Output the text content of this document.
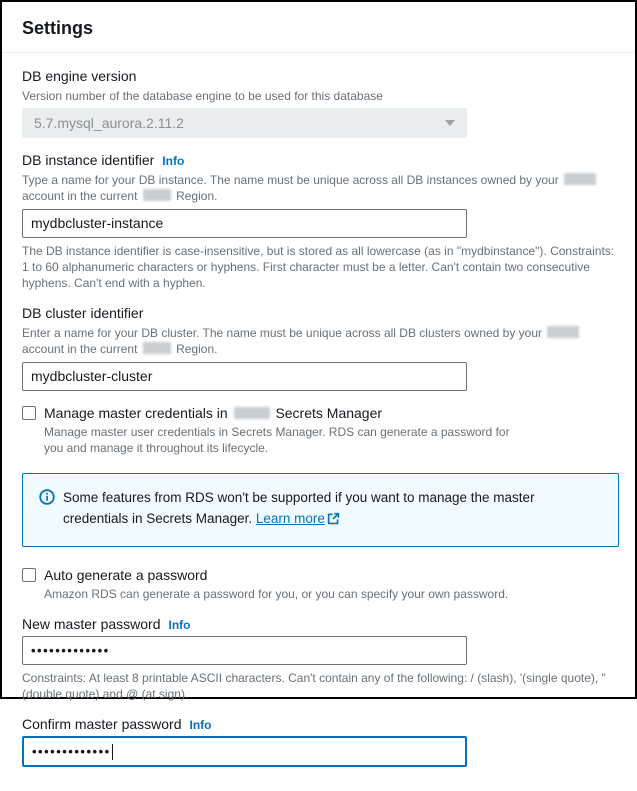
Settings
DB engine version
Version number of the database engine to be used for this database
5.7.mysql_aurora.2.11.2
DB instance identifier Info
Type a name for your DB instance. The name must be unique across all DB instances owned by your  account in the current	Region.
mydbcluster-instance
The DB instance identifier is case-insensitive, but is stored as all lowercase (as in "mydbinstance"). Constraints: 1 to 60 alphanumeric characters or hyphens. First character must be a letter. Can't contain two consecutive hyphens. Can't end with a hyphen.
DB cluster identifier
Enter a name for your DB cluster. The name must be unique across all DB clusters owned by your  account in the current	Region.
mydbcluster-cluster
Manage master credentials in	Secrets Manager
Manage master user credentials in Secrets Manager. RDS can generate a password for you and manage it throughout its lifecycle.
Some features from RDS won't be supported if you want to manage the master credentials in Secrets Manager. Learn more
Auto generate a password
Amazon RDS can generate a password for you, or you can specify your own password.
New master password Info
•••••••••••••
Constraints: At least 8 printable ASCII characters. Can't contain any of the following: / (slash), '(single quote), "(double quote) and @ (at sign).
Confirm master password Info
•••••••••••••
